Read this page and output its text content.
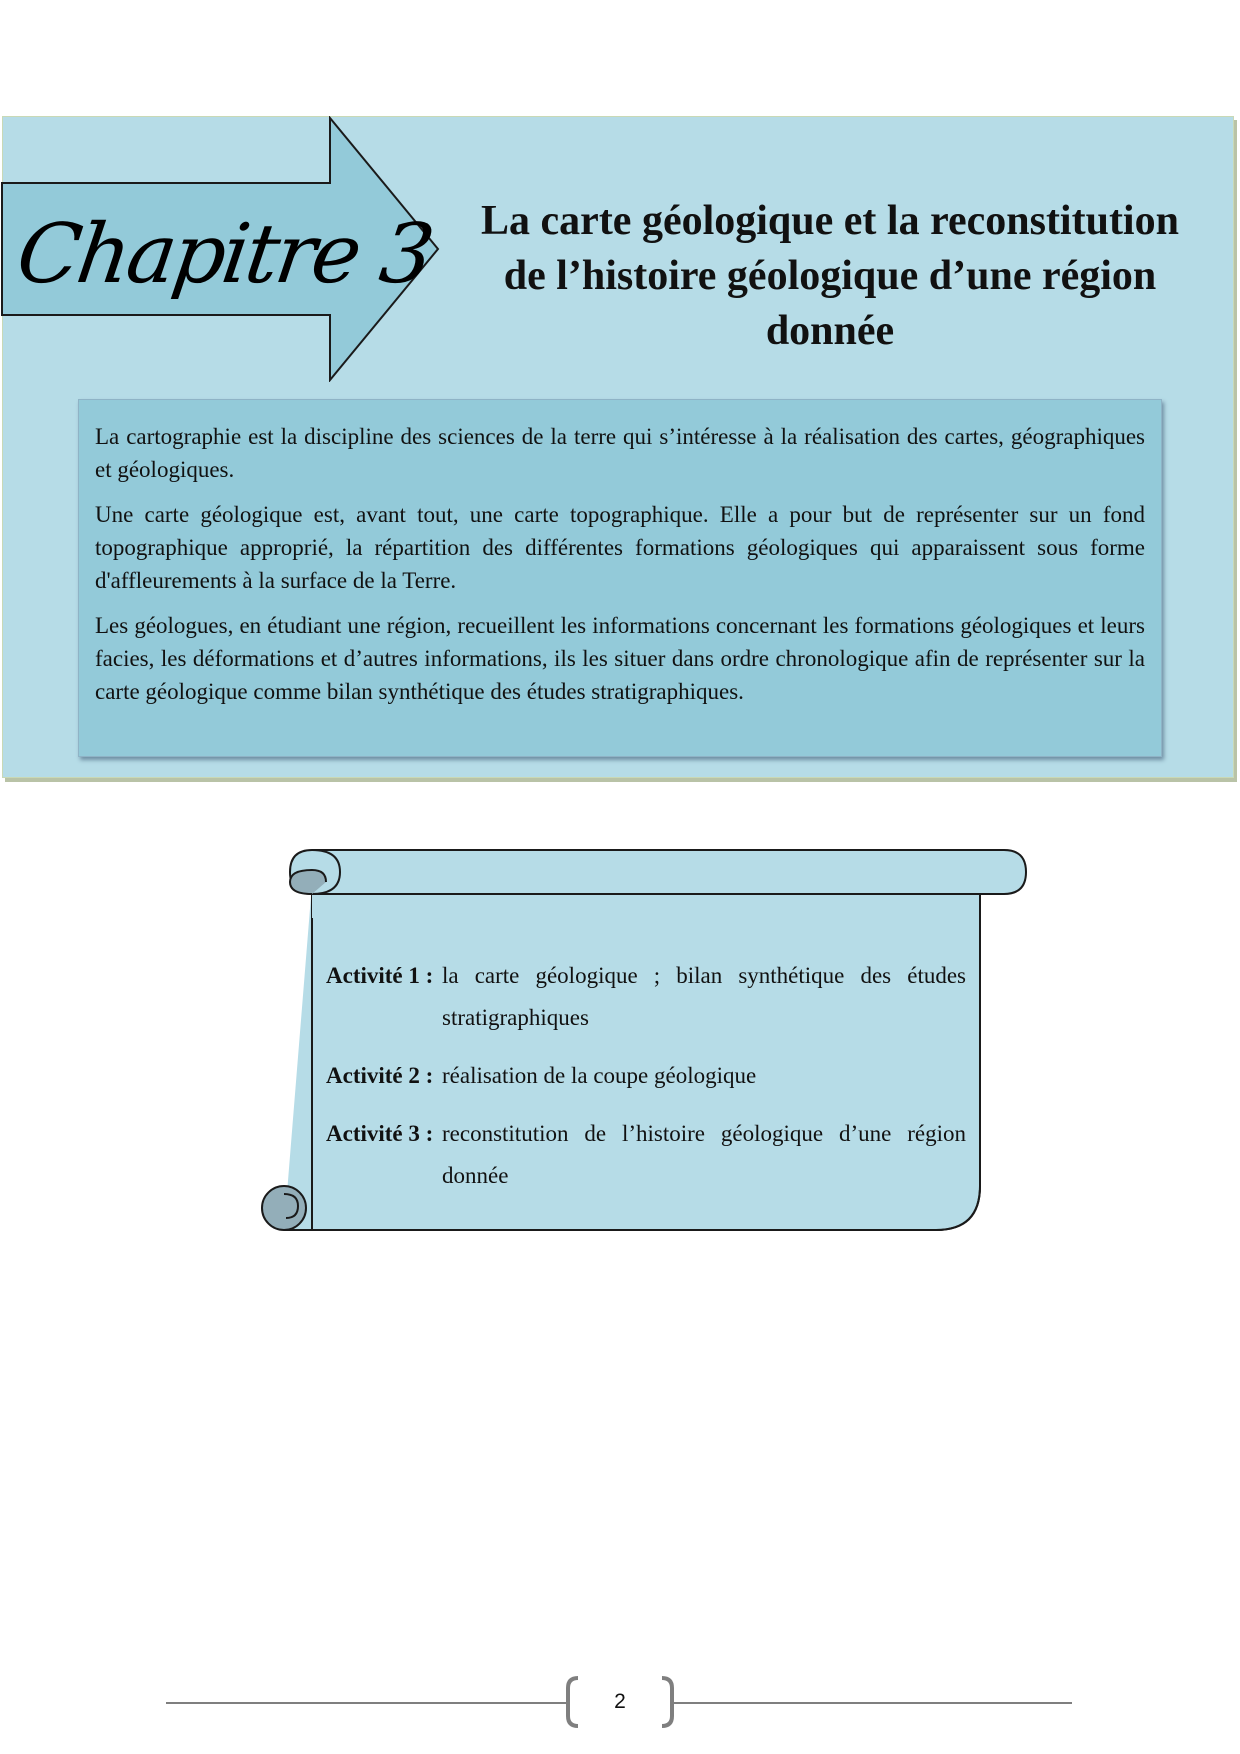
Chapitre 3 La carte géologique et la reconstitution de l’histoire géologique d’une région donnée

La cartographie est la discipline des sciences de la terre qui s’intéresse à la réalisation des cartes, géographiques et géologiques.

Une carte géologique est, avant tout, une carte topographique. Elle a pour but de représenter sur un fond topographique approprié, la répartition des différentes formations géologiques qui apparaissent sous forme d'affleurements à la surface de la Terre.

Les géologues, en étudiant une région, recueillent les informations concernant les formations géologiques et leurs facies, les déformations et d’autres informations, ils les situer dans ordre chronologique afin de représenter sur la carte géologique comme bilan synthétique des études stratigraphiques.

Activité 1 : la carte géologique ; bilan synthétique des études stratigraphiques
Activité 2 : réalisation de la coupe géologique
Activité 3 : reconstitution de l’histoire géologique d’une région donnée
2
